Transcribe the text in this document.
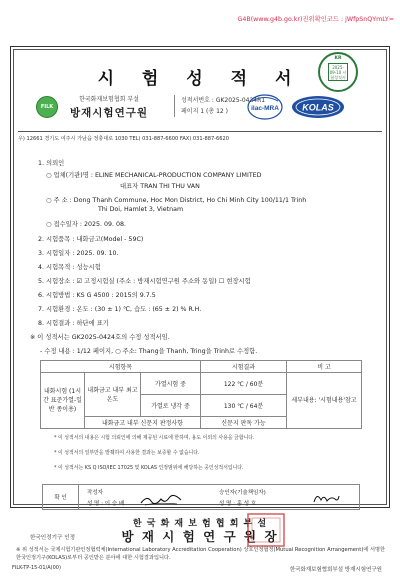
G4B(www.g4b.go.kr)진위확인코드 : jWfpSnQYmLY=
시 험 성 적 서
KR
2025-09-10 시험성적서
FILK
한국화재보험협회 부설
방재시험연구원
성적서번호 : GK2025-0424R1
페이지 1 (총 12 )	ilac-MRA	KOLAS
우) 12661 경기도 여주시 가남읍 정충대로 1030 TEL) 031-887-6600 FAX) 031-887-6620
1. 의뢰인
○ 업체(기관)명 : ELINE MECHANICAL-PRODUCTION COMPANY LIMITED
대표자 TRAN THI THU VAN
○ 주 소 : Dong Thanh Commune, Hoc Mon District, Ho Chi Minh City 100/11/1 Trinh
Thi Doi, Hamlet 3, Vietnam
○ 접수일자 : 2025. 09. 08.
2. 시험품목 : 내화금고(Model - 59C)
3. 시험일자 : 2025. 09. 10.
4. 시험목적 : 성능시험
5. 시험장소 : ☑ 고정시험실 (주소 : 방재시험연구원 주소와 동일) ☐ 현장시험
6. 시험방법 : KS G 4500 : 2015의 9.7.5
7. 시험환경 : 온도 : (30 ± 1) ℃, 습도 : (65 ± 2) % R.H.
8. 시험결과 : 하단에 표기
※ 이 성적서는 GK2025-0424호의 수정 성적서임.
- 수정 내용 : 1/12 페이지, ○ 주소: Thang을 Thanh, Tring을 Trinh로 수정함.
시험항목			시험결과	비 고
내화시험 (1시간 표준가열-일반 종이용)	내화금고 내부 최고 온도	가열시험 중	122 ℃ / 60분	세부내용: '시험내용'참고
		가열로 냉각 중	130 ℃ / 64분	
	내화금고 내부 신문지 판정사항		신문지 판독 가능	
* 이 성적서의 내용은 시험 의뢰인에 의해 제공된 시료에 한하며, 용도 이외의 사용을 금합니다.
* 이 성적서의 일부만을 발췌하여 사용한 결과는 보증할 수 없습니다.
* 이 성적서는 KS Q ISO/IEC 17025 및 KOLAS 인정범위에 해당하는 공인성적서입니다.
확 인
작성자
성 명 : 이 승 배
승인자(기술책임자)
성 명 : 홍 성 호
한 국 화 재 보 험 협 회 부 설
방 재 시 험 연 구 원 장
한국인정기구 인정
※ 위 성적서는 국제시험기관인정협력체(International Laboratory Accreditation Cooperation) 상호인정협정(Mutual Recognition Arrangement)에 서명한 한국인정기구(KOLAS)로부터 공인받은 분야에 대한 시험결과입니다.
FILK-TP-15-01/A(00)	한국화재보험협회부설 방재시험연구원
